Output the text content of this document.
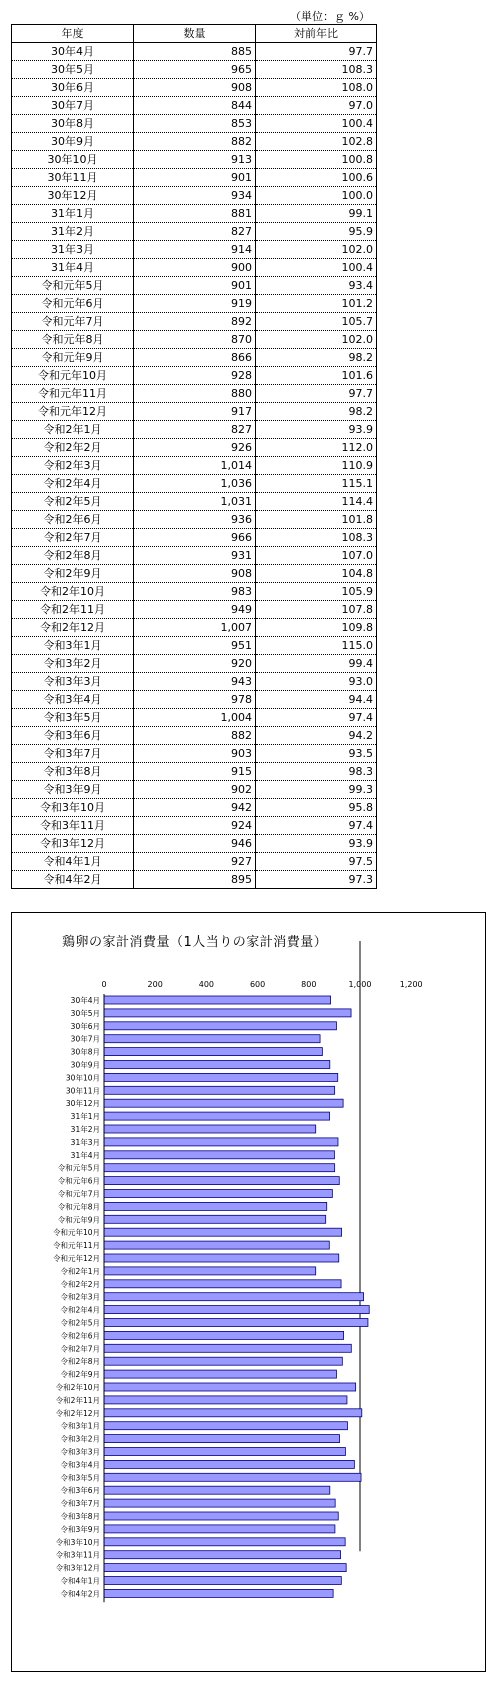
（単位：ｇ %）
年度	数量	対前年比
30年4月	885	97.7
30年5月	965	108.3
30年6月	908	108.0
30年7月	844	97.0
30年8月	853	100.4
30年9月	882	102.8
30年10月	913	100.8
30年11月	901	100.6
30年12月	934	100.0
31年1月	881	99.1
31年2月	827	95.9
31年3月	914	102.0
31年4月	900	100.4
令和元年5月	901	93.4
令和元年6月	919	101.2
令和元年7月	892	105.7
令和元年8月	870	102.0
令和元年9月	866	98.2
令和元年10月	928	101.6
令和元年11月	880	97.7
令和元年12月	917	98.2
令和2年1月	827	93.9
令和2年2月	926	112.0
令和2年3月	1,014	110.9
令和2年4月	1,036	115.1
令和2年5月	1,031	114.4
令和2年6月	936	101.8
令和2年7月	966	108.3
令和2年8月	931	107.0
令和2年9月	908	104.8
令和2年10月	983	105.9
令和2年11月	949	107.8
令和2年12月	1,007	109.8
令和3年1月	951	115.0
令和3年2月	920	99.4
令和3年3月	943	93.0
令和3年4月	978	94.4
令和3年5月	1,004	97.4
令和3年6月	882	94.2
令和3年7月	903	93.5
令和3年8月	915	98.3
令和3年9月	902	99.3
令和3年10月	942	95.8
令和3年11月	924	97.4
令和3年12月	946	93.9
令和4年1月	927	97.5
令和4年2月	895	97.3
鶏卵の家計消費量（1人当りの家計消費量）
0	200	400	600	800	1,000	1,200
30年4月
30年5月
30年6月
30年7月
30年8月
30年9月
30年10月
30年11月
30年12月
31年1月
31年2月
31年3月
31年4月
令和元年5月
令和元年6月
令和元年7月
令和元年8月
令和元年9月
令和元年10月
令和元年11月
令和元年12月
令和2年1月
令和2年2月
令和2年3月
令和2年4月
令和2年5月
令和2年6月
令和2年7月
令和2年8月
令和2年9月
令和2年10月
令和2年11月
令和2年12月
令和3年1月
令和3年2月
令和3年3月
令和3年4月
令和3年5月
令和3年6月
令和3年7月
令和3年8月
令和3年9月
令和3年10月
令和3年11月
令和3年12月
令和4年1月
令和4年2月
